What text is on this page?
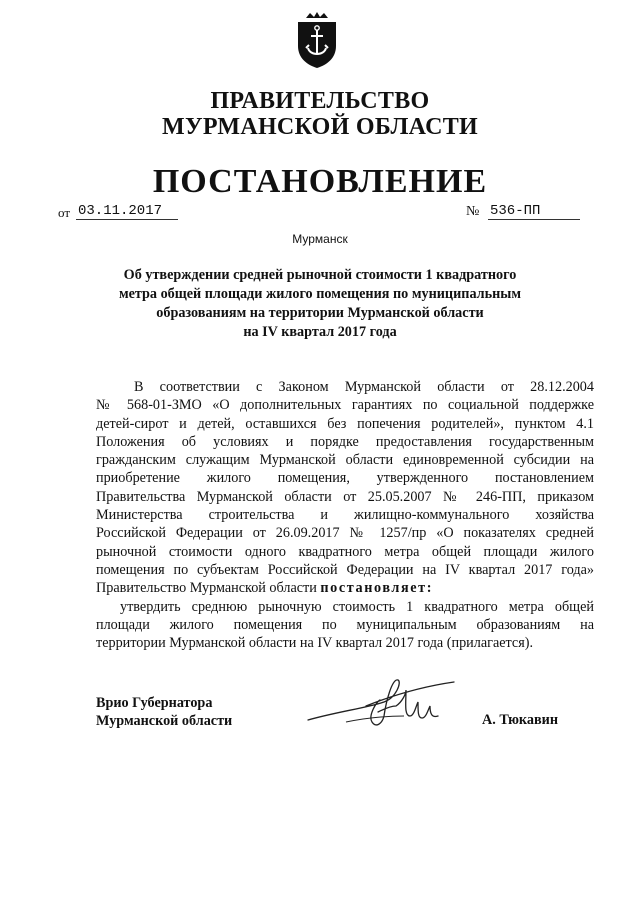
ПРАВИТЕЛЬСТВО
МУРМАНСКОЙ ОБЛАСТИ
ПОСТАНОВЛЕНИЕ
от 03.11.2017	№ 536-ПП
Мурманск
Об утверждении средней рыночной стоимости 1 квадратного
метра общей площади жилого помещения по муниципальным
образованиям на территории Мурманской области
на IV квартал 2017 года
В соответствии с Законом Мурманской области от 28.12.2004
№ 568-01-ЗМО «О дополнительных гарантиях по социальной поддержке
детей-сирот и детей, оставшихся без попечения родителей», пунктом 4.1
Положения об условиях и порядке предоставления государственным
гражданским служащим Мурманской области единовременной субсидии на
приобретение жилого помещения, утвержденного постановлением
Правительства Мурманской области от 25.05.2007 № 246-ПП, приказом
Министерства строительства и жилищно-коммунального хозяйства
Российской Федерации от 26.09.2017 № 1257/пр «О показателях средней
рыночной стоимости одного квадратного метра общей площади жилого
помещения по субъектам Российской Федерации на IV квартал 2017 года»
Правительство Мурманской области постановляет:
утвердить среднюю рыночную стоимость 1 квадратного метра общей
площади жилого помещения по муниципальным образованиям на
территории Мурманской области на IV квартал 2017 года (прилагается).
Врио Губернатора
Мурманской области	А. Тюкавин
